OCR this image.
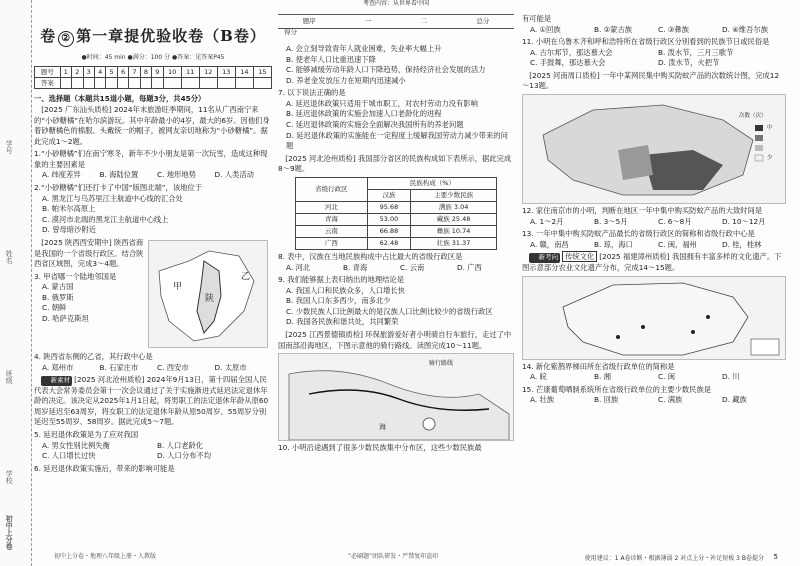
学号
姓名
班级
学校
初中上分卷
卷 ② 第一章提优验收卷（B卷）
●时间：45 min ●满分：100 分 ●答案：见答案P45
题号	1	2	3	4	5	6	7	8	9	10	11	12	13	14	15
答案															
一、选择题（本题共15道小题，每题3分，共45分）
[2025 广东汕头质检] 2024年末旅游旺季期间，11名从广西南宁来的“小砂糖橘”在哈尔滨游玩。其中年龄最小的4岁，最大的6岁。因他们身着砂糖橘色的棉服、头戴统一的帽子，被网友亲切地称为“小砂糖橘”。据此完成1～2题。
1.“小砂糖橘”们在南宁寒冬，新年不少小朋友是第一次玩雪，造成这种现象的主要因素是
A. 纬度差异	B. 海陆位置	C. 地形地势	D. 人类活动
2.“小砂糖橘”们还打卡了中国“版图北端”，该地位于
A. 黑龙江与乌苏里江主航道中心线的汇合处
B. 帕米尔高原上
C. 漠河市北端的黑龙江主航道中心线上
D. 曾母暗沙附近
[2025 陕西西安期中] 陕西省商是我国的一个省级行政区。结合陕西省区域图，完成3～4题。
3. 甲省哪一个陆地邻国是
A. 蒙古国
B. 俄罗斯
C. 朝鲜
D. 哈萨克斯坦
陕
乙
甲
4. 陕西省东侧的乙省，其行政中心是
A. 郑州市	B. 石家庄市	C. 西安市	D. 太原市
新素材 [2025 河北沧州质检] 2024年9月13日，第十四届全国人民代表大会常务委员会第十一次会议通过了关于实施渐进式延迟法定退休年龄的决定。该决定从2025年1月1日起，将男职工的法定退休年龄从原60周岁延迟至63周岁，将女职工的法定退休年龄从原50周岁、55周岁分别延迟至55周岁、58周岁。据此完成5～7题。
5. 延迟退休政策是为了应对我国
A. 男女性别比例失衡	B. 人口老龄化
C. 人口增长过快	D. 人口分布不均
6. 延迟退休政策实施后，带来的影响可能是
初中上分卷・地理八年级上册・人教版
题序	一	二	总分
考查内容：从世界看中国
得分
A. 会立刻导致青年人就业困难，失业率大幅上升
B. 使老年人口比重迅速下降
C. 能够减缓劳动年龄人口下降趋势，保持经济社会发展的活力
D. 养老金发放压力在短期内迅速减小
7. 以下说法正确的是
A. 延迟退休政策只适用于城市职工，对农村劳动力没有影响
B. 延迟退休政策的实施会加速人口老龄化的进程
C. 延迟退休政策的实施会全面解决我国所有的养老问题
D. 延迟退休政策的实施能在一定程度上缓解我国劳动力减少带来的问题
[2025 河北沧州质检] 我国部分省区的民族构成如下表所示，据此完成8～9题。
省级行政区	民族构成（%）	
	汉族	主要少数民族
河北	95.68	满族 3.04
青海	53.00	藏族 25.48
云南	66.88	彝族 10.74
广西	62.48	壮族 31.37
8. 表中，汉族在当地民族构成中占比最大的省级行政区是
A. 河北	B. 青海	C. 云南	D. 广西
9. 我们能够据上表归纳出的地理结论是
A. 我国人口和民族众多，人口增长快
B. 我国人口东多西少，南多北少
C. 少数民族人口比例最大的是汉族人口比例比较少的省级行政区
D. 我国各民族和谐共处，共同繁荣
[2025 江西景德镇质检] 环保旅游爱好者小明骑自行车旅行，走过了中国南部沿海地区，下图示意他的骑行路线。读图完成10～11题。
骑行路线
海
10. 小明沿途遇到了很多少数民族集中分布区，这些少数民族最
“必刷题”团队研发・严禁复印盗印
有可能是
A. ①回族	B. ②蒙古族	C. ③彝族	D. ④维吾尔族
11. 小明在乌鲁木齐和呼和浩特所在省级行政区分别看到的民族节日或民俗是
A. 古尔邦节，那达慕大会	B. 泼水节，三月三歌节
C. 手鼓舞，那达慕大会	D. 泼水节，火把节
[2025 河南周口质检] 一年中某网民集中购买防蚊产品的次数统计图，完成12～13题。
次数（次）
中
少
12. 家住南京市的小明，判断在地区一年中集中购买防蚊产品的大致时间是
A. 1～2月	B. 3～5月	C. 6～8月	D. 10～12月
13. 一年中集中购买防蚊产品最长的省级行政区的简称和省级行政中心是
A. 赣，南昌	B. 琼，海口	C. 闽，福州	D. 桂，桂林
新考向 传统文化 [2025 福建漳州质检] 我国拥有丰富多样的文化遗产。下图示意部分农业文化遗产分布，完成14～15题。
14. 新化紫鹊界梯田所在省级行政单位的简称是
A. 皖	B. 湘	C. 闽	D. 川
15. 芒康葡萄晒制系统所在省级行政单位的主要少数民族是
A. 壮族	B. 回族	C. 满族	D. 藏族
使用建议：1 A卷诊断・根据薄弱 2 对点上分・补足短板 3 B卷提分 5
